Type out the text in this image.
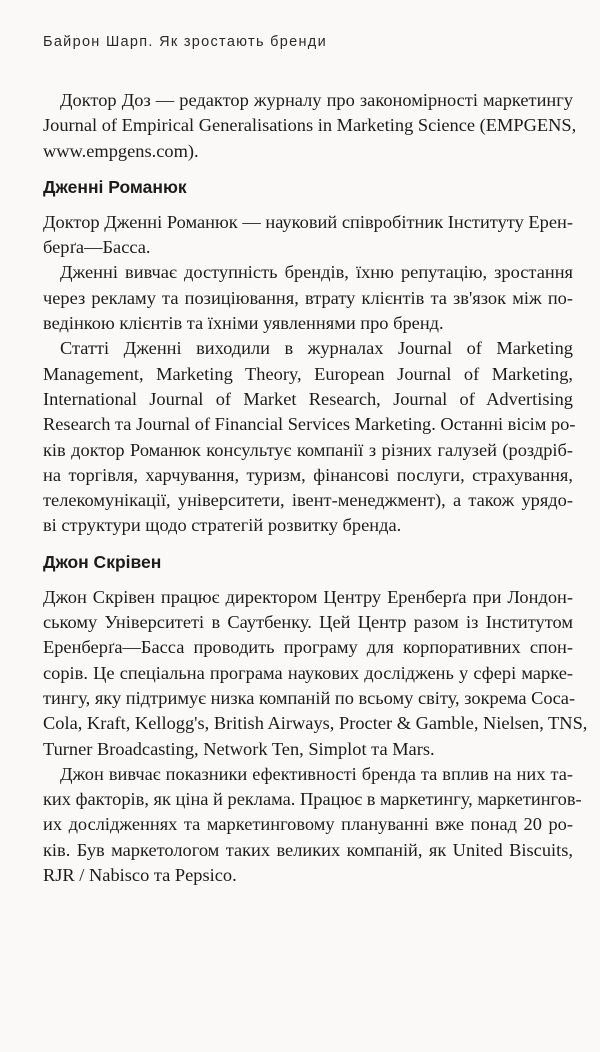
Байрон Шарп. Як зростають бренди
Доктор Доз — редактор журналу про закономірності маркетингу
Journal of Empirical Generalisations in Marketing Science (EMPGENS,
www.empgens.com).
Дженні Романюк
Доктор Дженні Романюк — науковий співробітник Інституту Ерен-
берґа—Басса.
Дженні вивчає доступність брендів, їхню репутацію, зростання
через рекламу та позиціювання, втрату клієнтів та зв'язок між по-
ведінкою клієнтів та їхніми уявленнями про бренд.
Статті Дженні виходили в журналах Journal of Marketing
Management, Marketing Theory, European Journal of Marketing,
International Journal of Market Research, Journal of Advertising
Research та Journal of Financial Services Marketing. Останні вісім ро-
ків доктор Романюк консультує компанії з різних галузей (роздріб-
на торгівля, харчування, туризм, фінансові послуги, страхування,
телекомунікації, університети, івент-менеджмент), а також урядо-
ві структури щодо стратегій розвитку бренда.
Джон Скрівен
Джон Скрівен працює директором Центру Еренберґа при Лондон-
ському Університеті в Саутбенку. Цей Центр разом із Інститутом
Еренберґа—Басса проводить програму для корпоративних спон-
сорів. Це спеціальна програма наукових досліджень у сфері марке-
тингу, яку підтримує низка компаній по всьому світу, зокрема Coca-
Cola, Kraft, Kellogg's, British Airways, Procter & Gamble, Nielsen, TNS,
Turner Broadcasting, Network Ten, Simplot та Mars.
Джон вивчає показники ефективності бренда та вплив на них та-
ких факторів, як ціна й реклама. Працює в маркетингу, маркетингов-
их дослідженнях та маркетинговому плануванні вже понад 20 ро-
ків. Був маркетологом таких великих компаній, як United Biscuits,
RJR / Nabisco та Pepsico.
